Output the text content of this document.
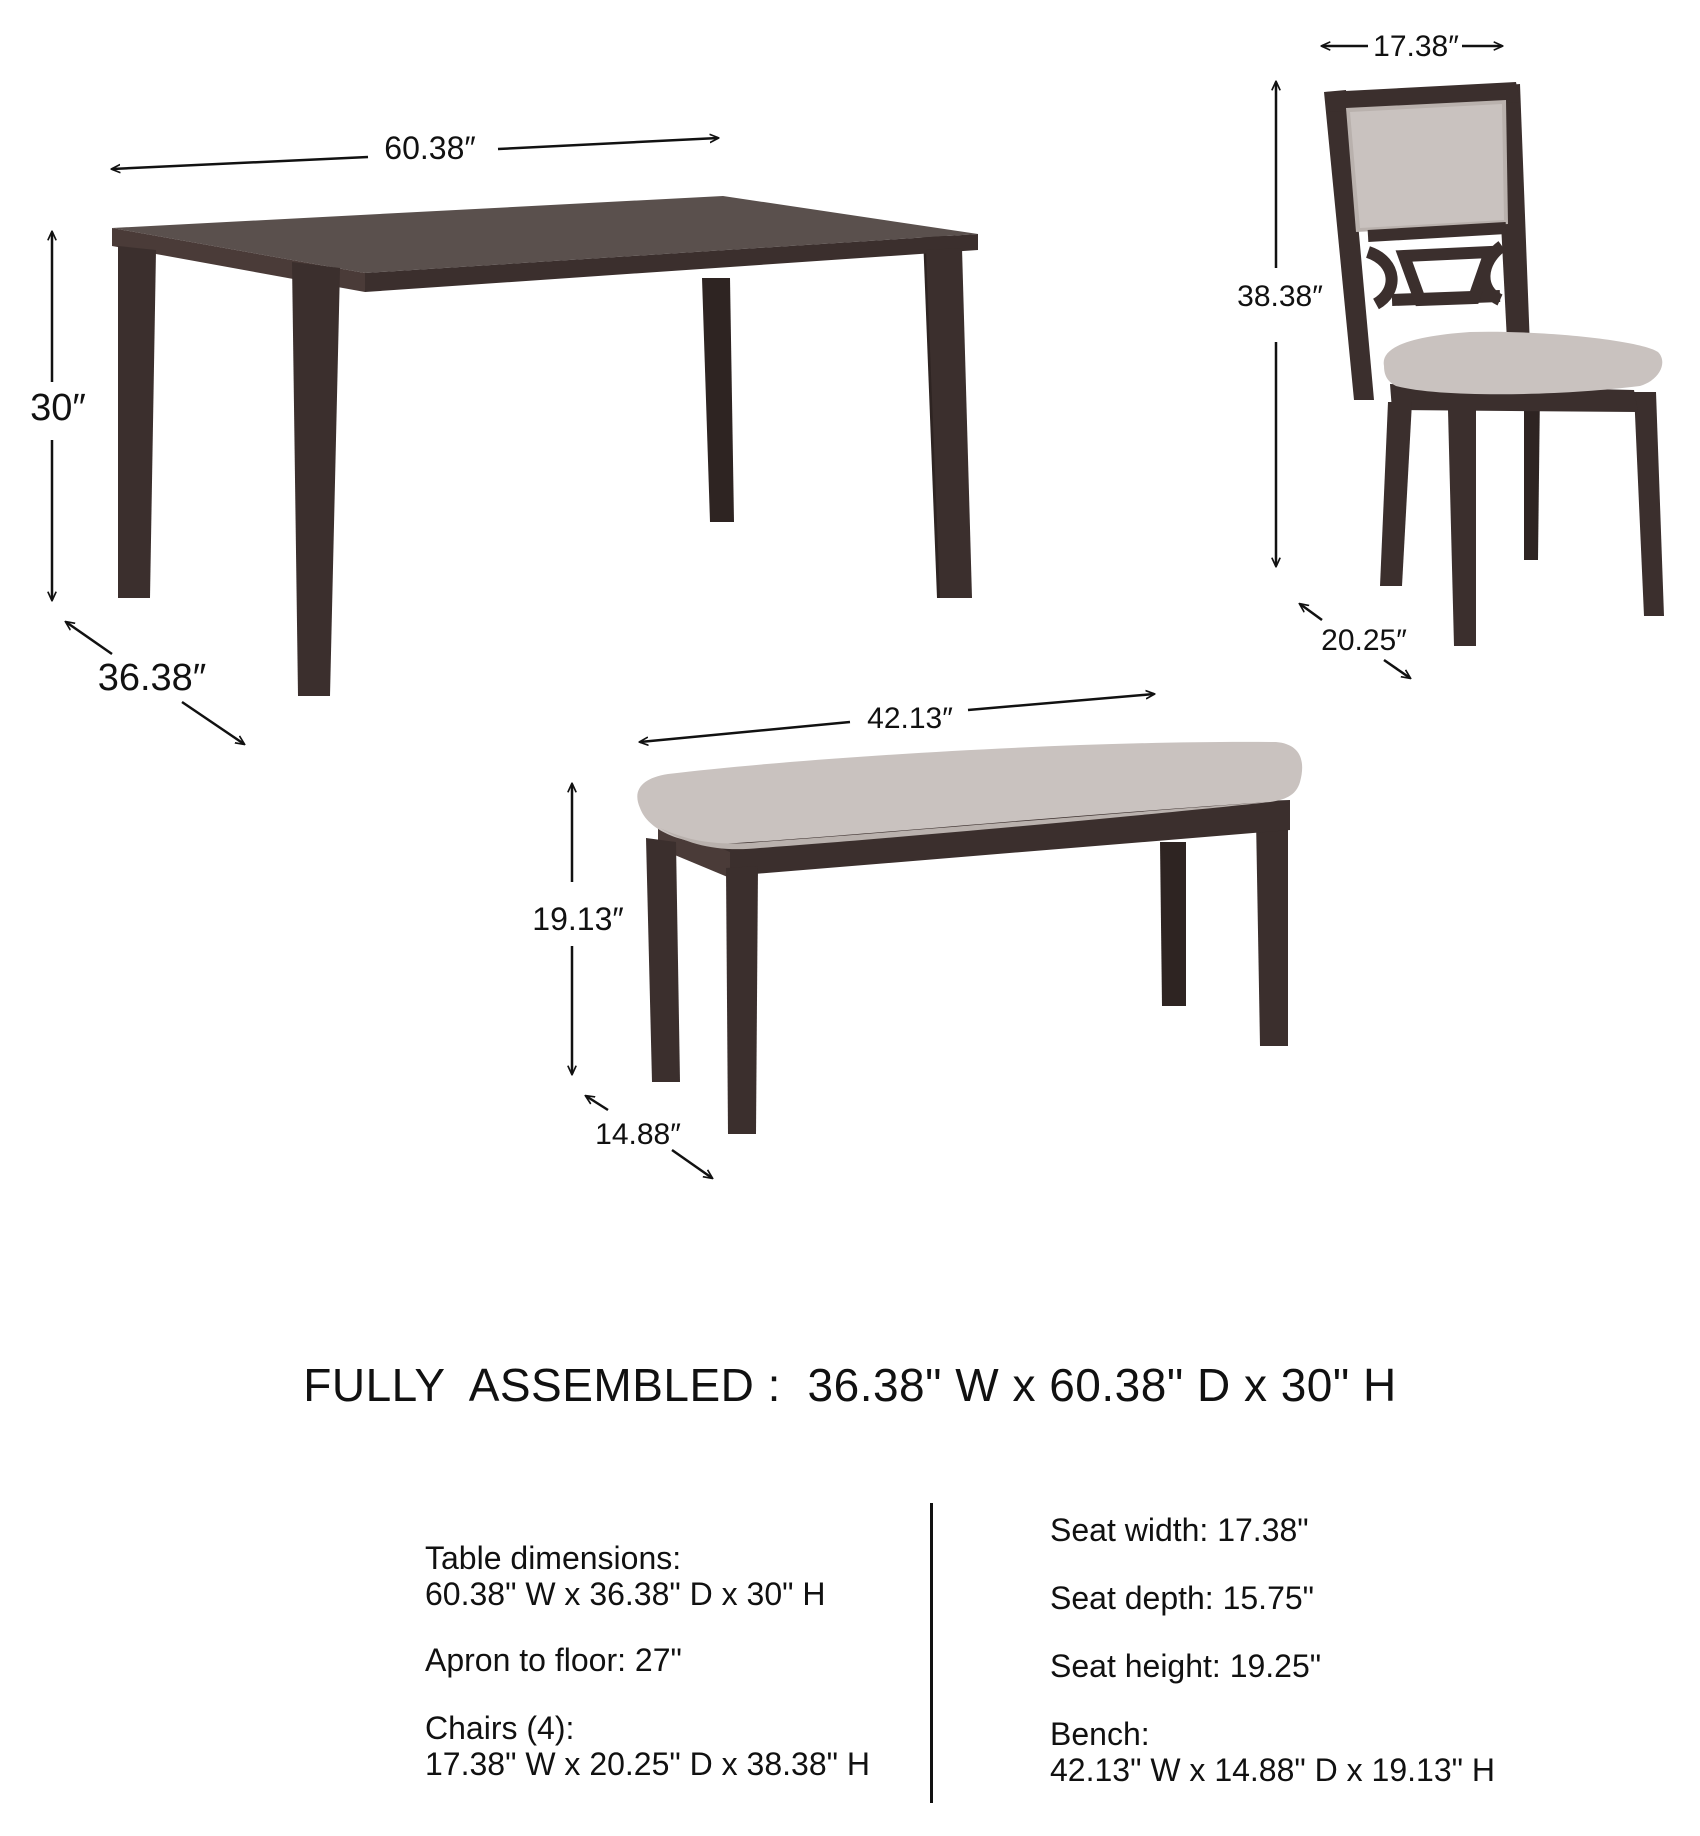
60.38″
30″
36.38″
17.38″
38.38″
20.25″
42.13″
19.13″
14.88″
FULLY  ASSEMBLED :  36.38" W x 60.38" D x 30" H
Table dimensions:
60.38" W x 36.38" D x 30" H
Apron to floor: 27"
Chairs (4):
17.38" W x 20.25" D x 38.38" H
Seat width: 17.38"
Seat depth: 15.75"
Seat height: 19.25"
Bench:
42.13" W x 14.88" D x 19.13" H
